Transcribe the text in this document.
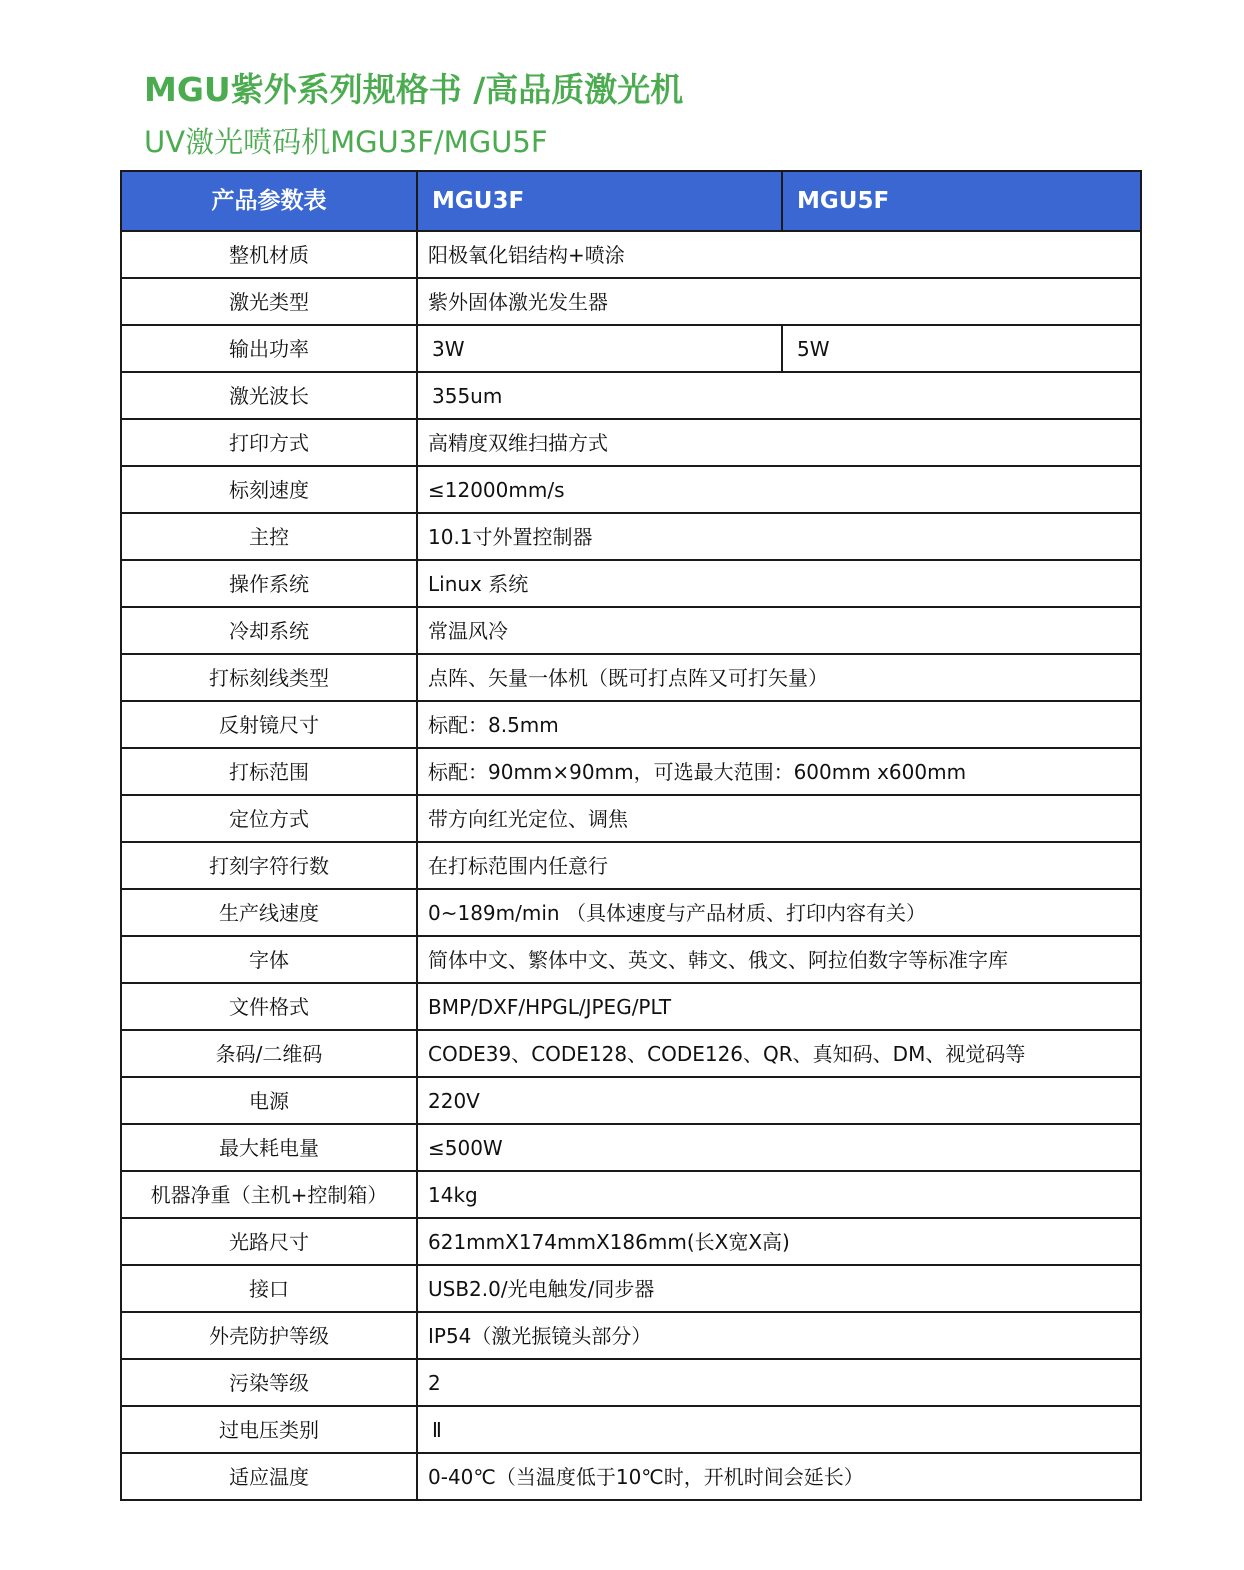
MGU紫外系列规格书 /高品质激光机
UV激光喷码机MGU3F/MGU5F
产品参数表	MGU3F	MGU5F
整机材质	阳极氧化铝结构+喷涂	
激光类型	紫外固体激光发生器	
输出功率	3W	5W
激光波长	355um	
打印方式	高精度双维扫描方式	
标刻速度	≤12000mm/s	
主控	10.1寸外置控制器	
操作系统	Linux 系统	
冷却系统	常温风冷	
打标刻线类型	点阵、矢量一体机（既可打点阵又可打矢量）	
反射镜尺寸	标配：8.5mm	
打标范围	标配：90mm×90mm，可选最大范围：600mm x600mm	
定位方式	带方向红光定位、调焦	
打刻字符行数	在打标范围内任意行	
生产线速度	0~189m/min （具体速度与产品材质、打印内容有关）	
字体	简体中文、繁体中文、英文、韩文、俄文、阿拉伯数字等标准字库	
文件格式	BMP/DXF/HPGL/JPEG/PLT	
条码/二维码	CODE39、CODE128、CODE126、QR、真知码、DM、视觉码等	
电源	220V	
最大耗电量	≤500W	
机器净重（主机+控制箱）	14kg	
光路尺寸	621mmX174mmX186mm(长X宽X高)	
接口	USB2.0/光电触发/同步器	
外壳防护等级	IP54（激光振镜头部分）	
污染等级	2	
过电压类别	Ⅱ	
适应温度	0-40℃（当温度低于10℃时，开机时间会延长）	
